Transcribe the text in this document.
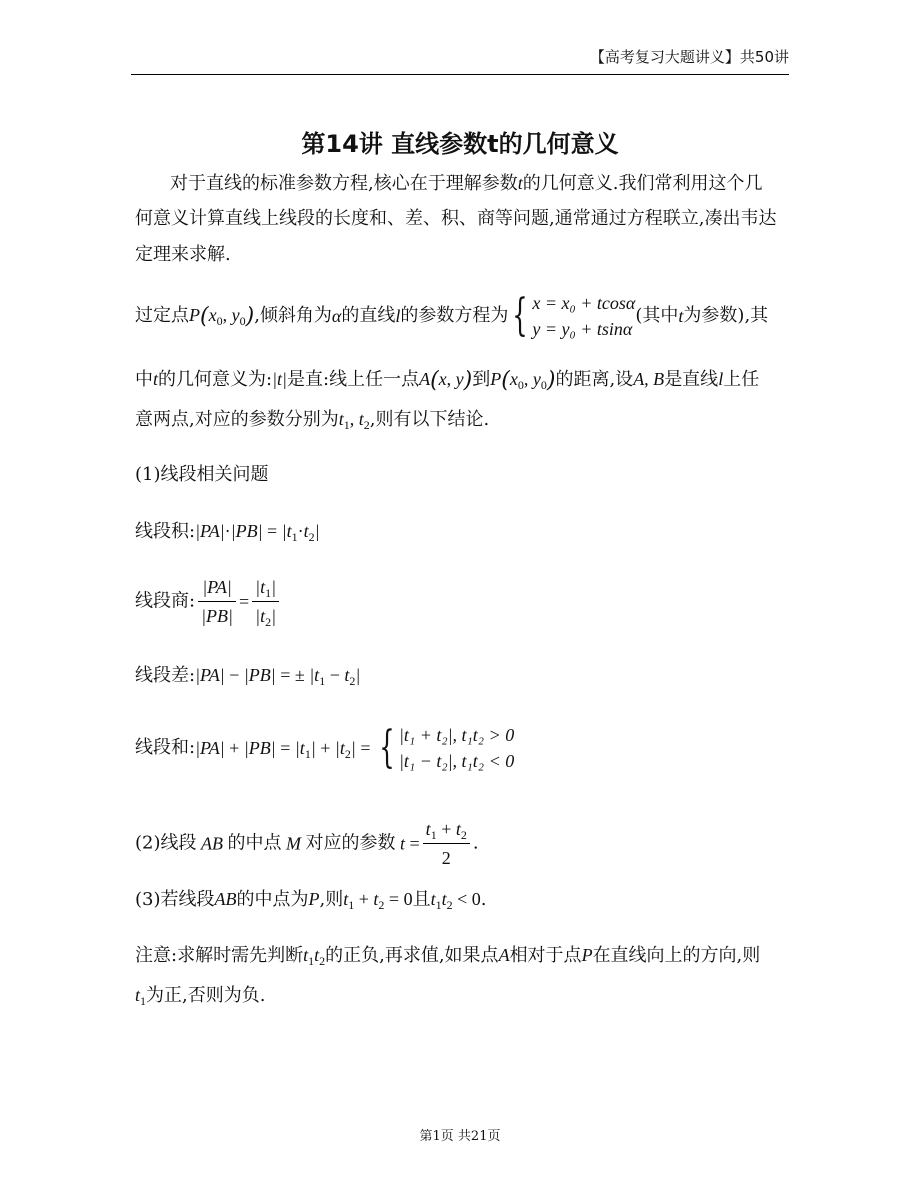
【高考复习大题讲义】共50讲
第14讲 直线参数t的几何意义
对于直线的标准参数方程,核心在于理解参数t的几何意义.我们常利用这个几
何意义计算直线上线段的长度和、差、积、商等问题,通常通过方程联立,凑出韦达
定理来求解.
过定点$P(x_0$, $y_0$),倾斜角为α的直线l的参数方程为{ x = x₀ + tcosα
y = y₀ + tsinα
(其中t为参数),其
中t的几何意义为:|t|是直:线上任一点A(x, y)到$P(x_0$, $y_0$)的距离,设A, B是直线l上任
意两点,对应的参数分别为$t_1$, $t_2$,则有以下结论.
(1)线段相关问题
线段积:|PA|·|PB| = $|t_1\cdot t_2|$
线段商: $\frac{|PA|}{|PB|} = \frac{|t_1|}{|t_2|}$
线段差:|PA| − |PB| = ± $|t_1 - t_2|$
线段和:|PA| + $|PB| = |t_1| + |t_2|$ = { |t₁ + t₂|, t₁t₂ > 0
|t₁ − t₂|, t₁t₂ < 0
(2)线段 AB 的中点 M 对应的参数 $t = \frac{t_1 + t_2}{2}$ .
(3)若线段AB的中点为P,则$t_1 + t_2 = 0$且$t_1t_2 < 0$.
注意:求解时需先判断$t_1t_2$的正负,再求值,如果点A相对于点P在直线向上的方向,则
$t_1$为正,否则为负.
第1页 共21页
